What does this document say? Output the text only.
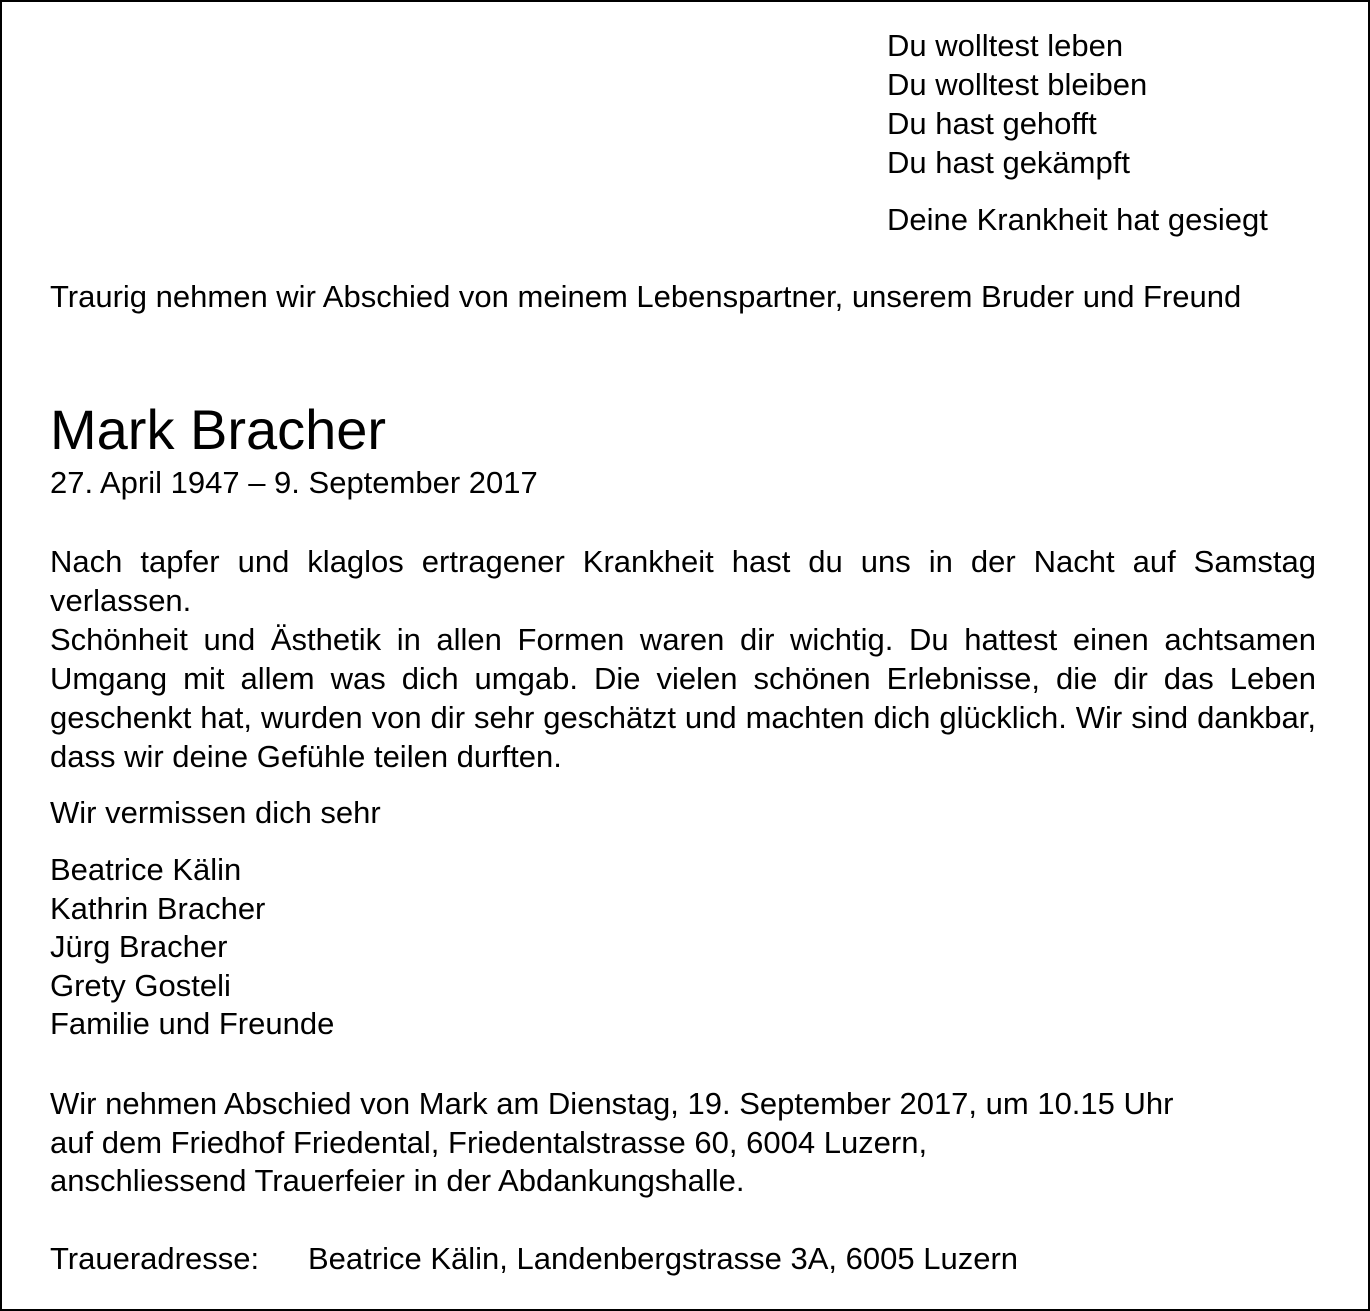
Du wolltest leben
Du wolltest bleiben
Du hast gehofft
Du hast gekämpft
Deine Krankheit hat gesiegt
Traurig nehmen wir Abschied von meinem Lebenspartner, unserem Bruder und Freund
Mark Bracher
27. April 1947 – 9. September 2017
Nach tapfer und klaglos ertragener Krankheit hast du uns in der Nacht auf Samstag verlassen.
Schönheit und Ästhetik in allen Formen waren dir wichtig. Du hattest einen achtsamen Umgang mit allem was dich umgab. Die vielen schönen Erlebnisse, die dir das Leben geschenkt hat, wurden von dir sehr geschätzt und machten dich glücklich. Wir sind dankbar, dass wir deine Gefühle teilen durften.
Wir vermissen dich sehr
Beatrice Kälin
Kathrin Bracher
Jürg Bracher
Grety Gosteli
Familie und Freunde
Wir nehmen Abschied von Mark am Dienstag, 19. September 2017, um 10.15 Uhr
auf dem Friedhof Friedental, Friedentalstrasse 60, 6004 Luzern,
anschliessend Trauerfeier in der Abdankungshalle.
Traueradresse: Beatrice Kälin, Landenbergstrasse 3A, 6005 Luzern
